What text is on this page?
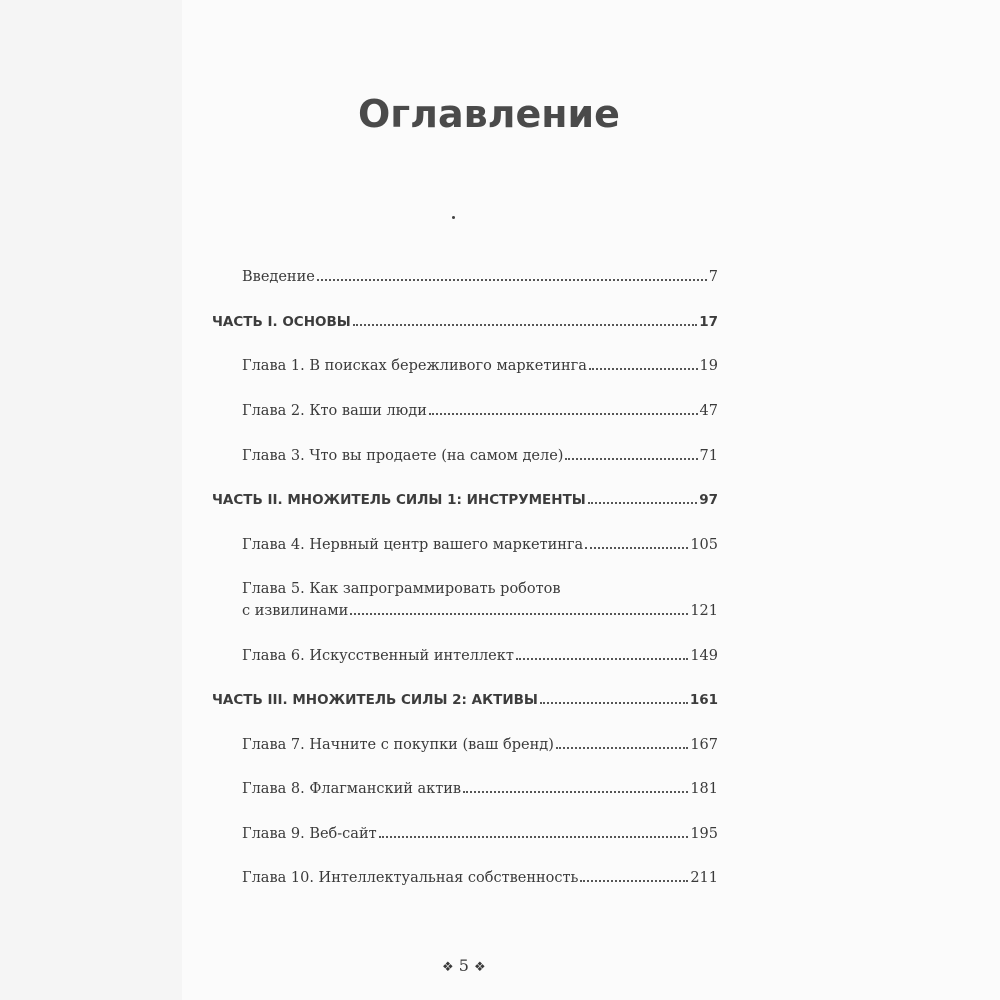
Оглавление
Введение	7
ЧАСТЬ I. ОСНОВЫ	17
Глава 1. В поисках бережливого маркетинга	19
Глава 2. Кто ваши люди	47
Глава 3. Что вы продаете (на самом деле)	71
ЧАСТЬ II. МНОЖИТЕЛЬ СИЛЫ 1: ИНСТРУМЕНТЫ	97
Глава 4. Нервный центр вашего маркетинга	105
Глава 5. Как запрограммировать роботов
с извилинами	121
Глава 6. Искусственный интеллект	149
ЧАСТЬ III. МНОЖИТЕЛЬ СИЛЫ 2: АКТИВЫ	161
Глава 7. Начните с покупки (ваш бренд)	167
Глава 8. Флагманский актив	181
Глава 9. Веб-сайт	195
Глава 10. Интеллектуальная собственность	211
❖ 5 ❖
